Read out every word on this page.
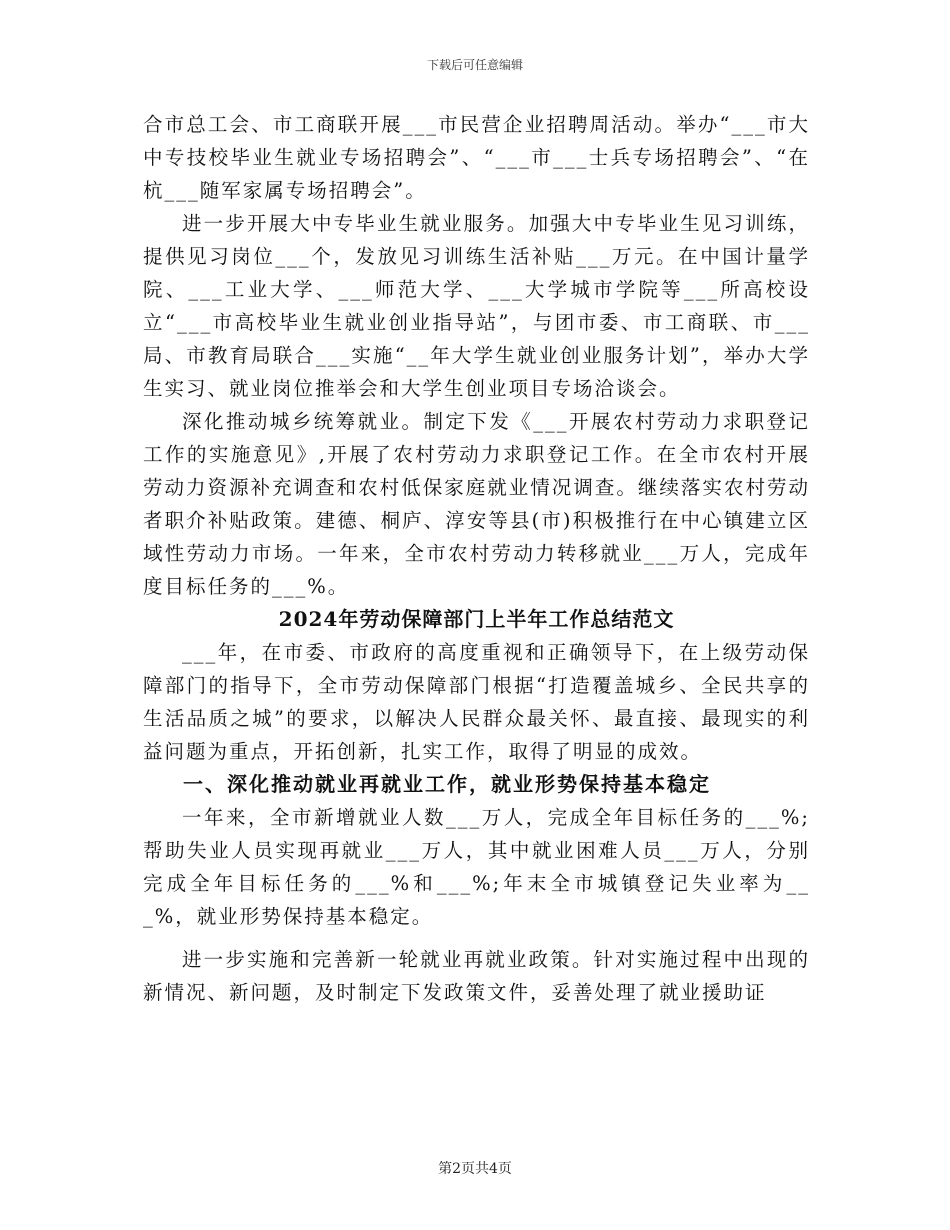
下载后可任意编辑

合市总工会、市工商联开展___市民营企业招聘周活动。举办“___市大中专技校毕业生就业专场招聘会”、“___市___士兵专场招聘会”、“在杭___随军家属专场招聘会”。

进一步开展大中专毕业生就业服务。加强大中专毕业生见习训练，提供见习岗位___个，发放见习训练生活补贴___万元。在中国计量学院、___工业大学、___师范大学、___大学城市学院等___所高校设立“___市高校毕业生就业创业指导站”，与团市委、市工商联、市___局、市教育局联合___实施“__年大学生就业创业服务计划”，举办大学生实习、就业岗位推举会和大学生创业项目专场洽谈会。

深化推动城乡统筹就业。制定下发《___开展农村劳动力求职登记工作的实施意见》,开展了农村劳动力求职登记工作。在全市农村开展劳动力资源补充调查和农村低保家庭就业情况调查。继续落实农村劳动者职介补贴政策。建德、桐庐、淳安等县(市)积极推行在中心镇建立区域性劳动力市场。一年来，全市农村劳动力转移就业___万人，完成年度目标任务的___%。

2024年劳动保障部门上半年工作总结范文

___年，在市委、市政府的高度重视和正确领导下，在上级劳动保障部门的指导下，全市劳动保障部门根据“打造覆盖城乡、全民共享的生活品质之城”的要求，以解决人民群众最关怀、最直接、最现实的利益问题为重点，开拓创新，扎实工作，取得了明显的成效。

一、深化推动就业再就业工作，就业形势保持基本稳定

一年来，全市新增就业人数___万人，完成全年目标任务的___%;帮助失业人员实现再就业___万人，其中就业困难人员___万人，分别完成全年目标任务的___%和___%;年末全市城镇登记失业率为___%，就业形势保持基本稳定。

进一步实施和完善新一轮就业再就业政策。针对实施过程中出现的新情况、新问题，及时制定下发政策文件，妥善处理了就业援助证

第2页共4页
